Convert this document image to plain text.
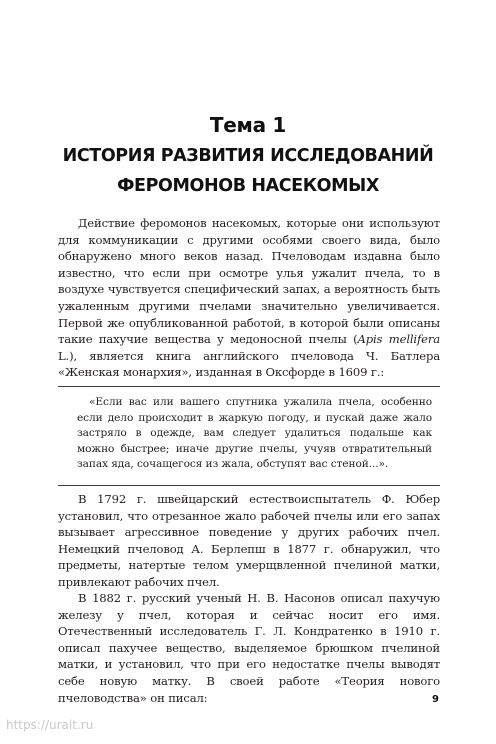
Тема 1
ИСТОРИЯ РАЗВИТИЯ ИССЛЕДОВАНИЙ
ФЕРОМОНОВ НАСЕКОМЫХ

Действие феромонов насекомых, которые они используют для коммуникации с другими особями своего вида, было обнаружено много веков назад. Пчеловодам издавна было известно, что если при осмотре улья ужалит пчела, то в воздухе чувствуется специфический запах, а вероятность быть ужаленным другими пчелами значительно увеличивается. Первой же опубликованной работой, в которой были описаны такие пахучие вещества у медоносной пчелы (Apis mellifera L.), является книга английского пчеловода Ч. Батлера «Женская монархия», изданная в Оксфорде в 1609 г.:

«Если вас или вашего спутника ужалила пчела, особенно если дело происходит в жаркую погоду, и пускай даже жало застряло в одежде, вам следует удалиться подальше как можно быстрее; иначе другие пчелы, учуяв отвратительный запах яда, сочащегося из жала, обступят вас стеной...».

В 1792 г. швейцарский естествоиспытатель Ф. Юбер установил, что отрезанное жало рабочей пчелы или его запах вызывает агрессивное поведение у других рабочих пчел. Немецкий пчеловод А. Берлепш в 1877 г. обнаружил, что предметы, натертые телом умерщвленной пчелиной матки, привлекают рабочих пчел.

В 1882 г. русский ученый Н. В. Насонов описал пахучую железу у пчел, которая и сейчас носит его имя. Отечественный исследователь Г. Л. Кондратенко в 1910 г. описал пахучее вещество, выделяемое брюшком пчелиной матки, и установил, что при его недостатке пчелы выводят себе новую матку. В своей работе «Теория нового пчеловодства» он писал:	9
https://urait.ru
